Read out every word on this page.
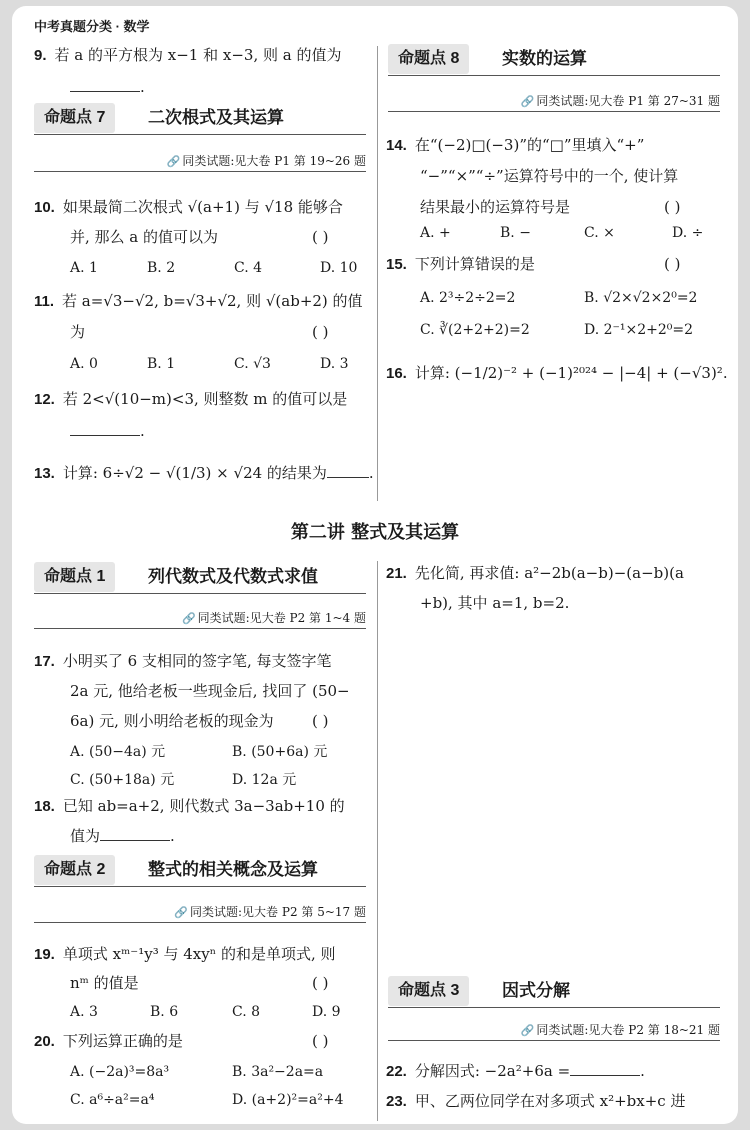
中考真题分类 · 数学
9. 若 a 的平方根为 x−1 和 x−3, 则 a 的值为
.
命题点 7	二次根式及其运算
🔗 同类试题:见大卷 P1 第 19~26 题
10. 如果最简二次根式 √(a+1) 与 √18 能够合
并, 那么 a 的值可以为	( )
A. 1	B. 2	C. 4	D. 10
11. 若 a=√3−√2, b=√3+√2, 则 √(ab+2) 的值
为	( )
A. 0	B. 1	C. √3	D. 3
12. 若 2<√(10−m)<3, 则整数 m 的值可以是
.
13. 计算: 6÷√2 − √(1/3) × √24 的结果为	.
命题点 8	实数的运算
🔗 同类试题:见大卷 P1 第 27~31 题
14. 在“(−2)□(−3)”的“□”里填入“+”
“−”“×”“÷”运算符号中的一个, 使计算
结果最小的运算符号是	( )
A. +	B. −	C. ×	D. ÷
15. 下列计算错误的是	( )
A. 2³÷2÷2=2	B. √2×√2×2⁰=2
C. ∛(2+2+2)=2	D. 2⁻¹×2+2⁰=2
16. 计算: (−1/2)⁻² + (−1)²⁰²⁴ − |−4| + (−√3)².
第二讲 整式及其运算
命题点 1	列代数式及代数式求值
🔗 同类试题:见大卷 P2 第 1~4 题
17. 小明买了 6 支相同的签字笔, 每支签字笔
2a 元, 他给老板一些现金后, 找回了 (50−
6a) 元, 则小明给老板的现金为	( )
A. (50−4a) 元	B. (50+6a) 元
C. (50+18a) 元	D. 12a 元
18. 已知 ab=a+2, 则代数式 3a−3ab+10 的
值为	.
命题点 2	整式的相关概念及运算
🔗 同类试题:见大卷 P2 第 5~17 题
19. 单项式 xᵐ⁻¹y³ 与 4xyⁿ 的和是单项式, 则
nᵐ 的值是	( )
A. 3	B. 6	C. 8	D. 9
20. 下列运算正确的是	( )
A. (−2a)³=8a³	B. 3a²−2a=a
C. a⁶÷a²=a⁴	D. (a+2)²=a²+4
21. 先化简, 再求值: a²−2b(a−b)−(a−b)(a
+b), 其中 a=1, b=2.
命题点 3	因式分解
🔗 同类试题:见大卷 P2 第 18~21 题
22. 分解因式: −2a²+6a =	.
23. 甲、乙两位同学在对多项式 x²+bx+c 进
